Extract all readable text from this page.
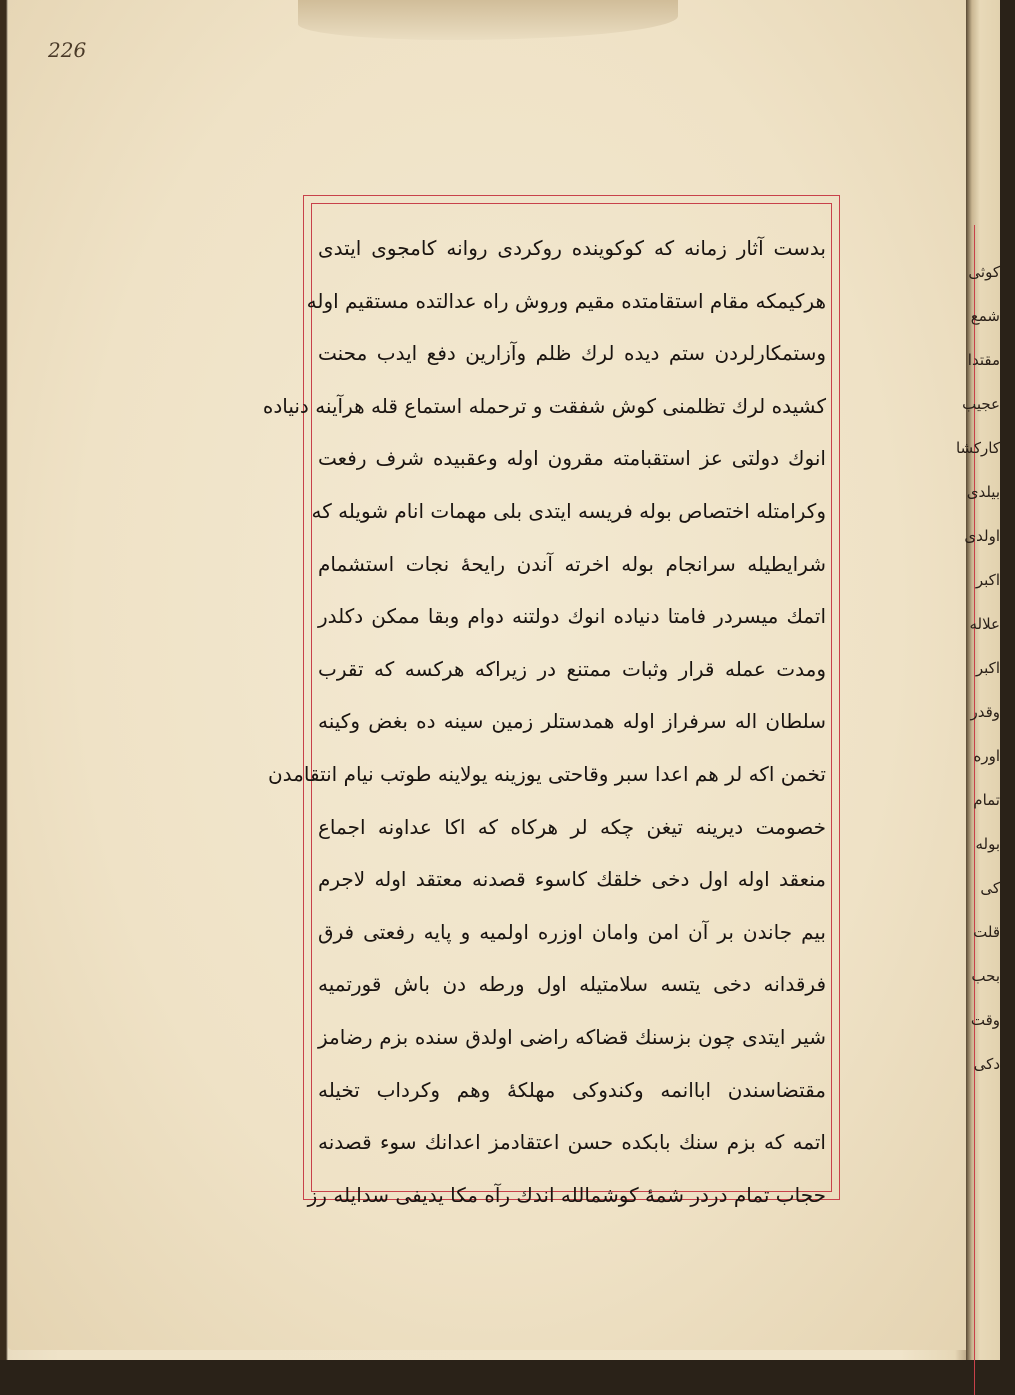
226
بدست آثار زمانه که کوکوینده روکردی روانه کامجوی ایتدی
هرکیمکه مقام استقامتده مقیم وروش راه عدالتده مستقیم اوله
وستمکارلردن ستم دیده لرك ظلم وآزارین دفع ایدب محنت
کشیده لرك تظلمنی کوش شفقت و ترحمله استماع قله هرآینه دنیاده
انوك دولتی عز استقبامته مقرون اوله وعقبیده شرف رفعت
وکرامتله اختصاص بوله فریسه ایتدی بلی مهمات انام شویله که
شرایطیله سرانجام بوله اخرته آندن رایحهٔ نجات استشمام
اتمك میسردر فامتا دنیاده انوك دولتنه دوام وبقا ممکن دکلدر
ومدت عمله قرار وثبات ممتنع در زیراکه هرکسه که تقرب
سلطان اله سرفراز اوله همدستلر زمین سینه ده بغض وکینه
تخمن اکه لر هم اعدا سبر وقاحتی یوزینه یولاینه طوتب نیام انتقامدن
خصومت دیرینه تیغن چکه لر هرکاه که اکا عداونه اجماع
منعقد اوله اول دخی خلقك کاسوء قصدنه معتقد اوله لاجرم
بیم جاندن بر آن امن وامان اوزره اولمیه و پایه رفعتی فرق
فرقدانه دخی یتسه سلامتیله اول ورطه دن باش قورتمیه
شیر ایتدی چون بزسنك قضاکه راضی اولدق سنده بزم رضامز
مقتضاسندن اباانمه وکندوکی مهلکهٔ وهم وکرداب تخیله
اتمه که بزم سنك بابکده حسن اعتقادمز اعدانك سوء قصدنه
حجاب تمام دردر شمهٔ کوشمالله اندك رآه مکا یدیفی سدایله رز
کوثی
شمع
مقتدا
عجیب
کارکشا
بیلدی
اولدی
اکبر
علاله
اکبر
وقدر
اوره
تمام
بوله
کی
قلت
بحب
وقت
دکی
